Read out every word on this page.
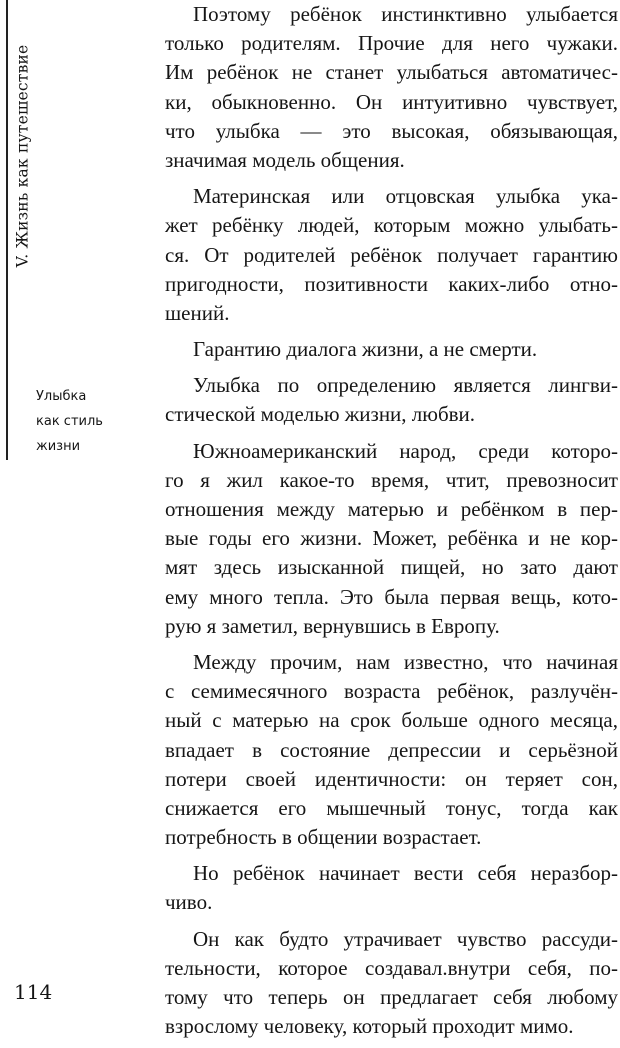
V. Жизнь как путешествие
Улыбка
как стиль
жизни
114
Поэтому ребёнок инстинктивно улыбается
только родителям. Прочие для него чужаки.
Им ребёнок не станет улыбаться автоматичес-
ки, обыкновенно. Он интуитивно чувствует,
что улыбка — это высокая, обязывающая,
значимая модель общения.
Материнская или отцовская улыбка ука-
жет ребёнку людей, которым можно улыбать-
ся. От родителей ребёнок получает гарантию
пригодности, позитивности каких-либо отно-
шений.
Гарантию диалога жизни, а не смерти.
Улыбка по определению является лингви-
стической моделью жизни, любви.
Южноамериканский народ, среди которо-
го я жил какое-то время, чтит, превозносит
отношения между матерью и ребёнком в пер-
вые годы его жизни. Может, ребёнка и не кор-
мят здесь изысканной пищей, но зато дают
ему много тепла. Это была первая вещь, кото-
рую я заметил, вернувшись в Европу.
Между прочим, нам известно, что начиная
с семимесячного возраста ребёнок, разлучён-
ный с матерью на срок больше одного месяца,
впадает в состояние депрессии и серьёзной
потери своей идентичности: он теряет сон,
снижается его мышечный тонус, тогда как
потребность в общении возрастает.
Но ребёнок начинает вести себя неразбор-
чиво.
Он как будто утрачивает чувство рассуди-
тельности, которое создавал.внутри себя, по-
тому что теперь он предлагает себя любому
взрослому человеку, который проходит мимо.
